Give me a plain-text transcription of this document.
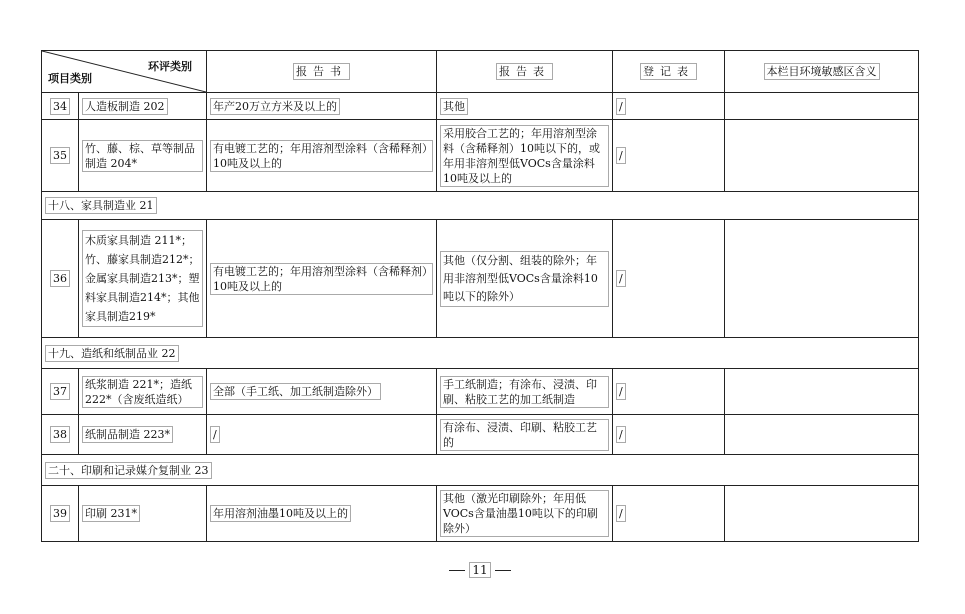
环评类别
项目类别		报告书	报告表	登记表	本栏目环境敏感区含义
34	人造板制造 202	年产20万立方米及以上的	其他	/	
35	竹、藤、棕、草等制品制造 204*	有电镀工艺的；年用溶剂型涂料（含稀释剂）10吨及以上的	采用胶合工艺的；年用溶剂型涂料（含稀释剂）10吨以下的，或年用非溶剂型低VOCs含量涂料10吨及以上的	/	
十八、家具制造业 21					
36	木质家具制造 211*；竹、藤家具制造212*；金属家具制造213*；塑料家具制造214*；其他家具制造219*	有电镀工艺的；年用溶剂型涂料（含稀释剂）10吨及以上的	其他（仅分割、组装的除外；年用非溶剂型低VOCs含量涂料10吨以下的除外）	/	
十九、造纸和纸制品业 22					
37	纸浆制造 221*；造纸222*（含废纸造纸）	全部（手工纸、加工纸制造除外）	手工纸制造；有涂布、浸渍、印刷、粘胶工艺的加工纸制造	/	
38	纸制品制造 223*	/	有涂布、浸渍、印刷、粘胶工艺的	/	
二十、印刷和记录媒介复制业 23					
39	印刷 231*	年用溶剂油墨10吨及以上的	其他（激光印刷除外；年用低VOCs含量油墨10吨以下的印刷除外）	/	
11
